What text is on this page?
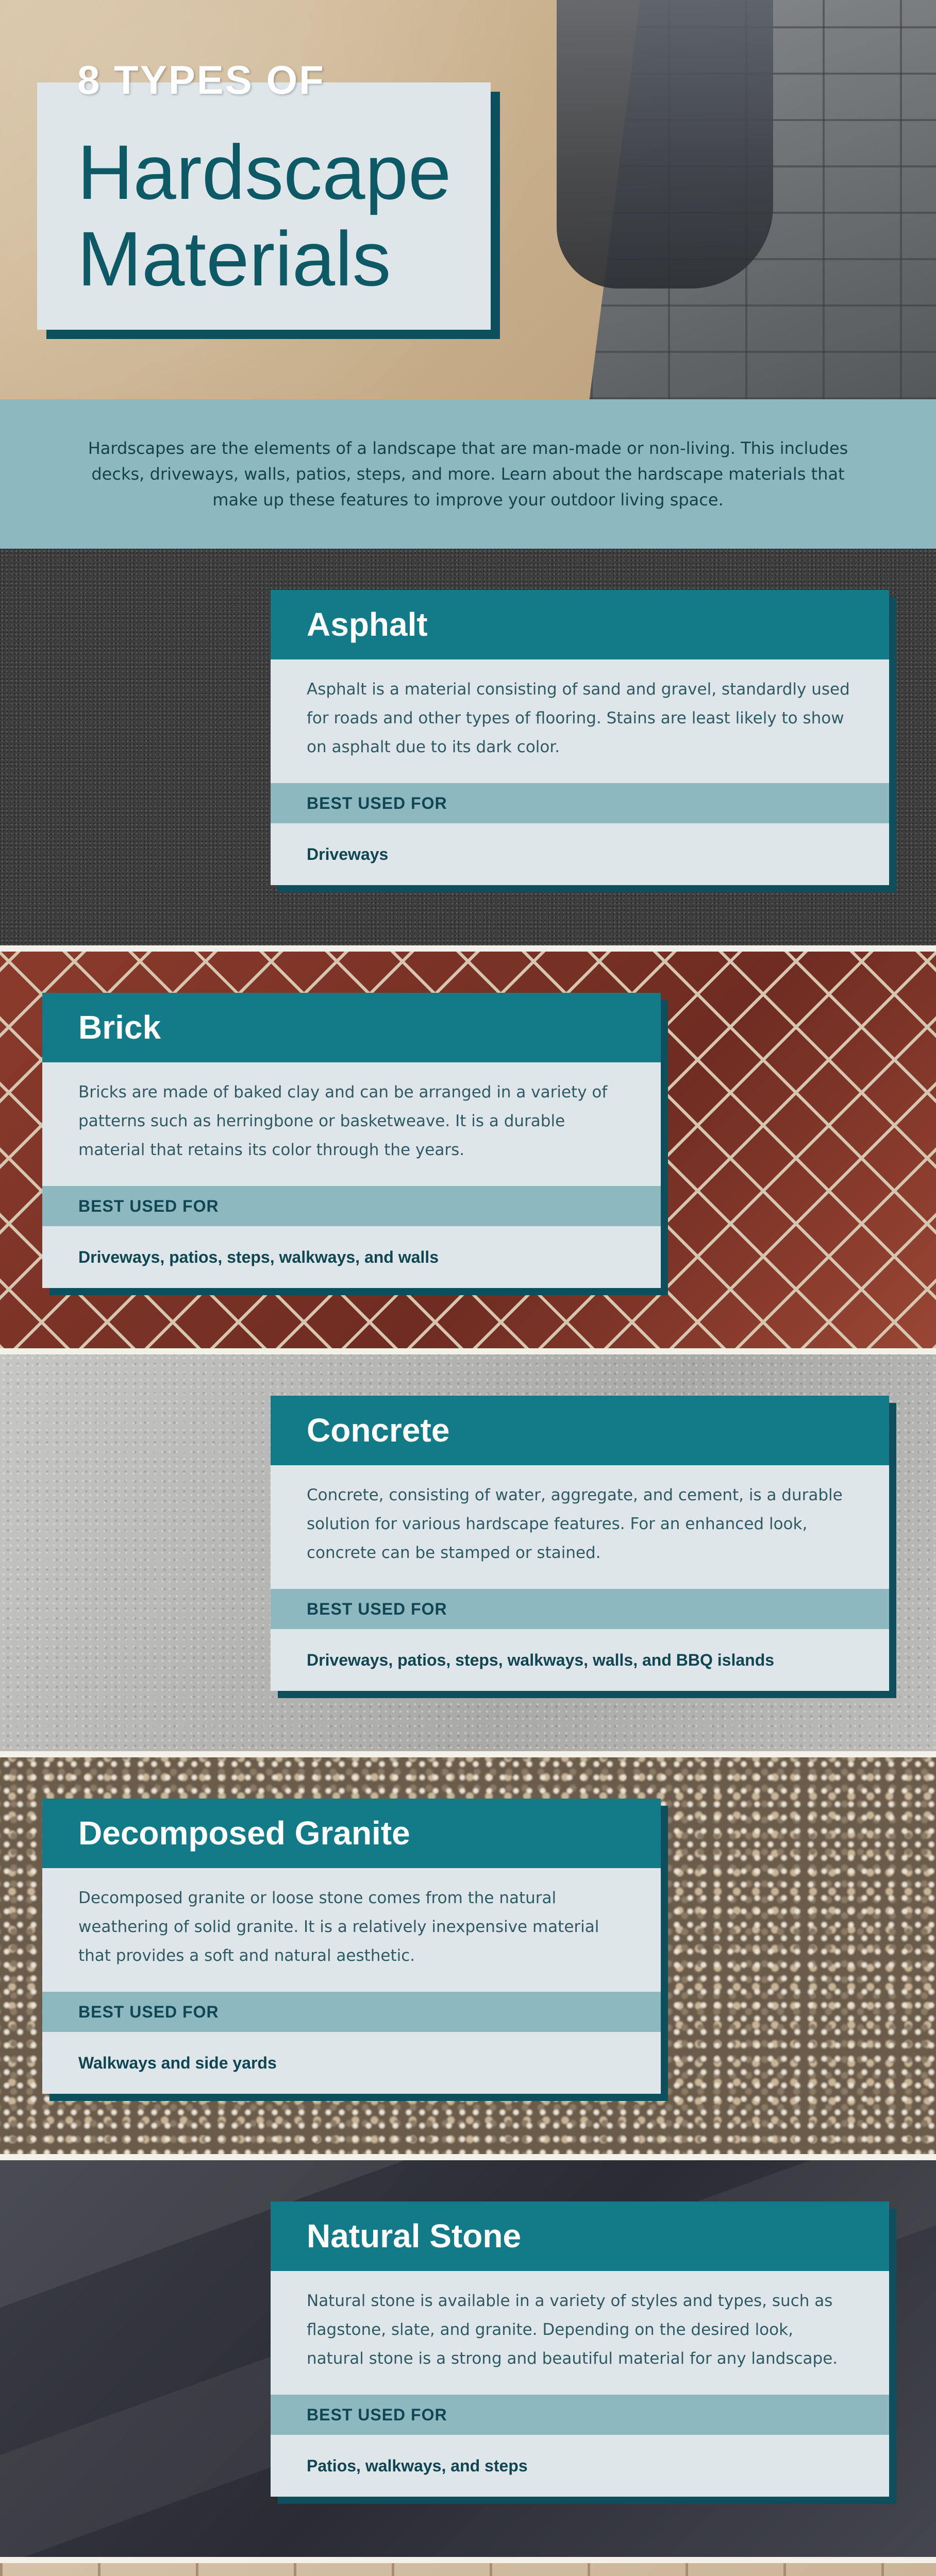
8 TYPES OF
Hardscape Materials

Hardscapes are the elements of a landscape that are man-made or non-living. This includes decks, driveways, walls, patios, steps, and more. Learn about the hardscape materials that make up these features to improve your outdoor living space.

Asphalt
Asphalt is a material consisting of sand and gravel, standardly used for roads and other types of flooring. Stains are least likely to show on asphalt due to its dark color.
BEST USED FOR
Driveways
Brick
Bricks are made of baked clay and can be arranged in a variety of patterns such as herringbone or basketweave. It is a durable material that retains its color through the years.
BEST USED FOR
Driveways, patios, steps, walkways, and walls
Concrete
Concrete, consisting of water, aggregate, and cement, is a durable solution for various hardscape features. For an enhanced look, concrete can be stamped or stained.
BEST USED FOR
Driveways, patios, steps, walkways, walls, and BBQ islands
Decomposed Granite
Decomposed granite or loose stone comes from the natural weathering of solid granite. It is a relatively inexpensive material that provides a soft and natural aesthetic.
BEST USED FOR
Walkways and side yards
Natural Stone
Natural stone is available in a variety of styles and types, such as flagstone, slate, and granite. Depending on the desired look, natural stone is a strong and beautiful material for any landscape.
BEST USED FOR
Patios, walkways, and steps
